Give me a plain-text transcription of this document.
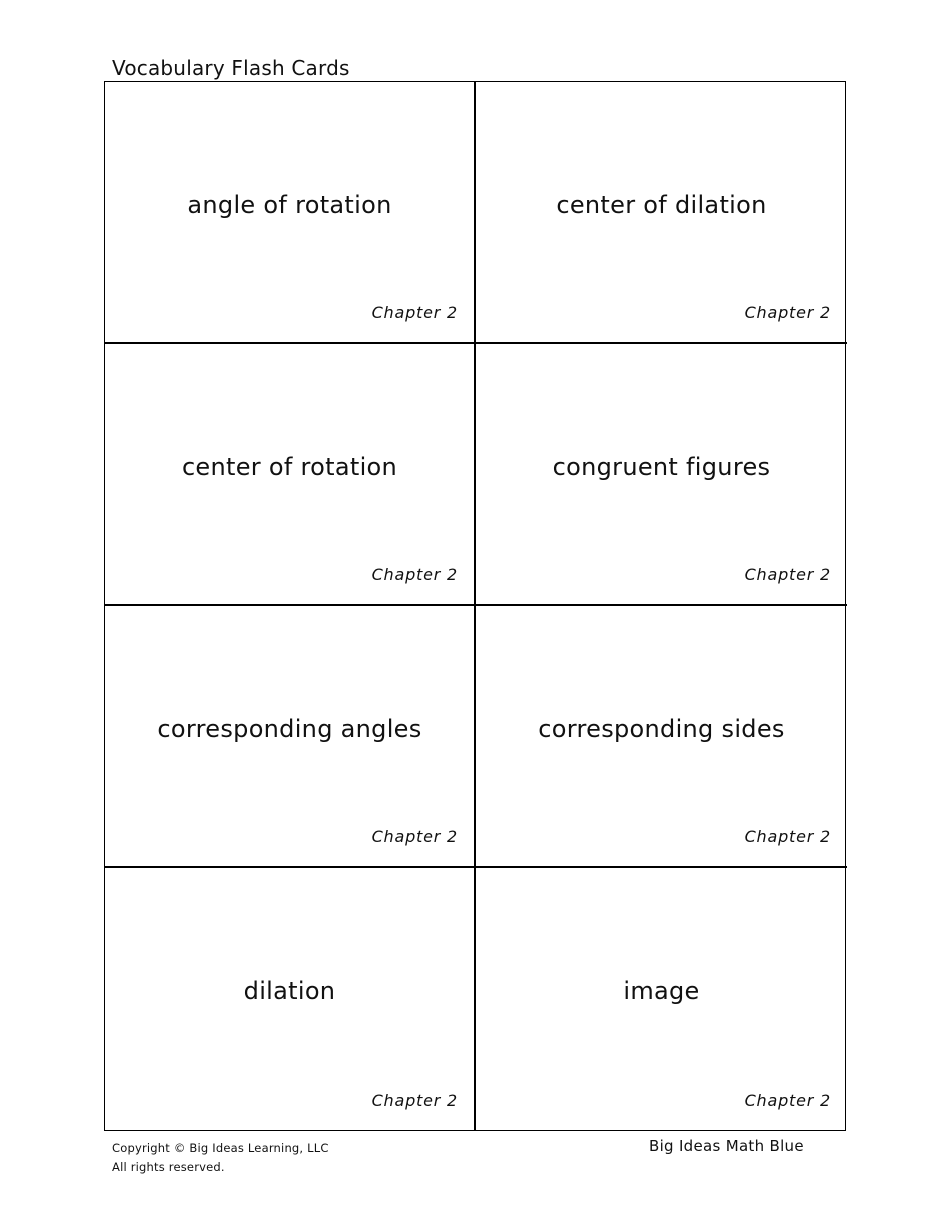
Vocabulary Flash Cards
angle of rotation
Chapter 2
center of dilation
Chapter 2
center of rotation
Chapter 2
congruent figures
Chapter 2
corresponding angles
Chapter 2
corresponding sides
Chapter 2
dilation
Chapter 2
image
Chapter 2
Copyright © Big Ideas Learning, LLC
All rights reserved.
Big Ideas Math Blue
